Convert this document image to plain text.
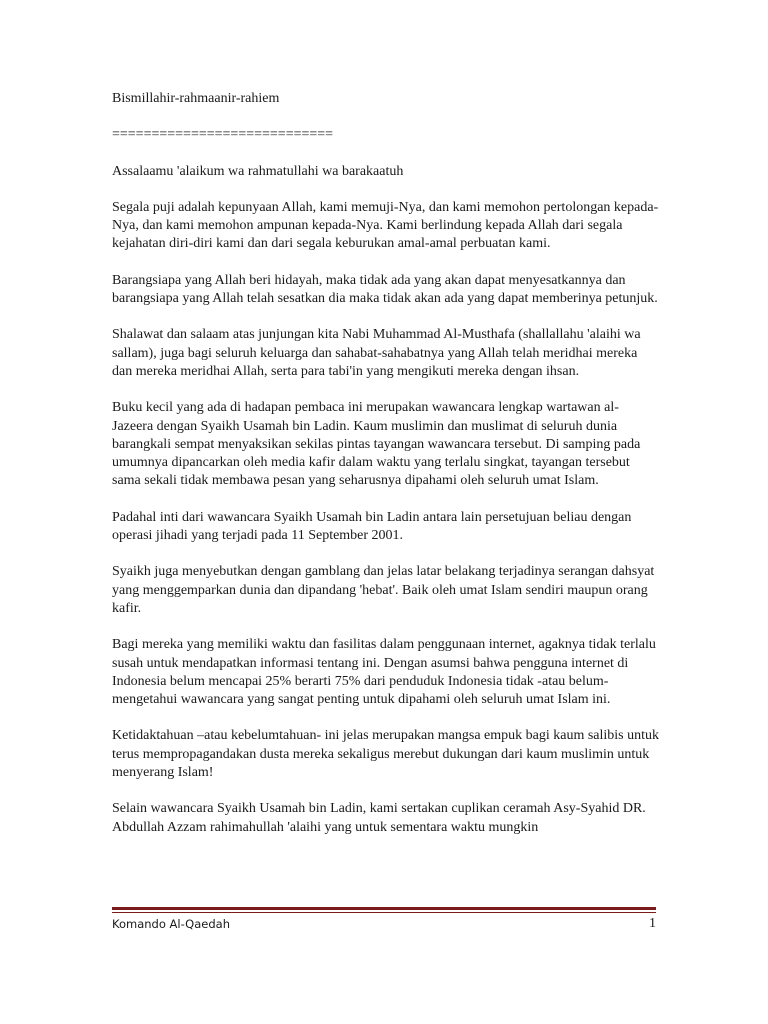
Bismillahir-rahmaanir-rahiem

============================

Assalaamu 'alaikum wa rahmatullahi wa barakaatuh

Segala puji adalah kepunyaan Allah, kami memuji-Nya, dan kami memohon pertolongan kepada-Nya, dan kami memohon ampunan kepada-Nya. Kami berlindung kepada Allah dari segala kejahatan diri-diri kami dan dari segala keburukan amal-amal perbuatan kami.

Barangsiapa yang Allah beri hidayah, maka tidak ada yang akan dapat menyesatkannya dan barangsiapa yang Allah telah sesatkan dia maka tidak akan ada yang dapat memberinya petunjuk.

Shalawat dan salaam atas junjungan kita Nabi Muhammad Al-Musthafa (shallallahu 'alaihi wa sallam), juga bagi seluruh keluarga dan sahabat-sahabatnya yang Allah telah meridhai mereka dan mereka meridhai Allah, serta para tabi'in yang mengikuti mereka dengan ihsan.

Buku kecil yang ada di hadapan pembaca ini merupakan wawancara lengkap wartawan al-Jazeera dengan Syaikh Usamah bin Ladin. Kaum muslimin dan muslimat di seluruh dunia barangkali sempat menyaksikan sekilas pintas tayangan wawancara tersebut. Di samping pada umumnya dipancarkan oleh media kafir dalam waktu yang terlalu singkat, tayangan tersebut sama sekali tidak membawa pesan yang seharusnya dipahami oleh seluruh umat Islam.

Padahal inti dari wawancara Syaikh Usamah bin Ladin antara lain persetujuan beliau dengan operasi jihadi yang terjadi pada 11 September 2001.

Syaikh juga menyebutkan dengan gamblang dan jelas latar belakang terjadinya serangan dahsyat yang menggemparkan dunia dan dipandang 'hebat'. Baik oleh umat Islam sendiri maupun orang kafir.

Bagi mereka yang memiliki waktu dan fasilitas dalam penggunaan internet, agaknya tidak terlalu susah untuk mendapatkan informasi tentang ini. Dengan asumsi bahwa pengguna internet di Indonesia belum mencapai 25% berarti 75% dari penduduk Indonesia tidak -atau belum- mengetahui wawancara yang sangat penting untuk dipahami oleh seluruh umat Islam ini.

Ketidaktahuan –atau kebelumtahuan- ini jelas merupakan mangsa empuk bagi kaum salibis untuk terus mempropagandakan dusta mereka sekaligus merebut dukungan dari kaum muslimin untuk menyerang Islam!

Selain wawancara Syaikh Usamah bin Ladin, kami sertakan cuplikan ceramah Asy-Syahid DR. Abdullah Azzam rahimahullah 'alaihi yang untuk sementara waktu mungkin

Komando Al-Qaedah	1
